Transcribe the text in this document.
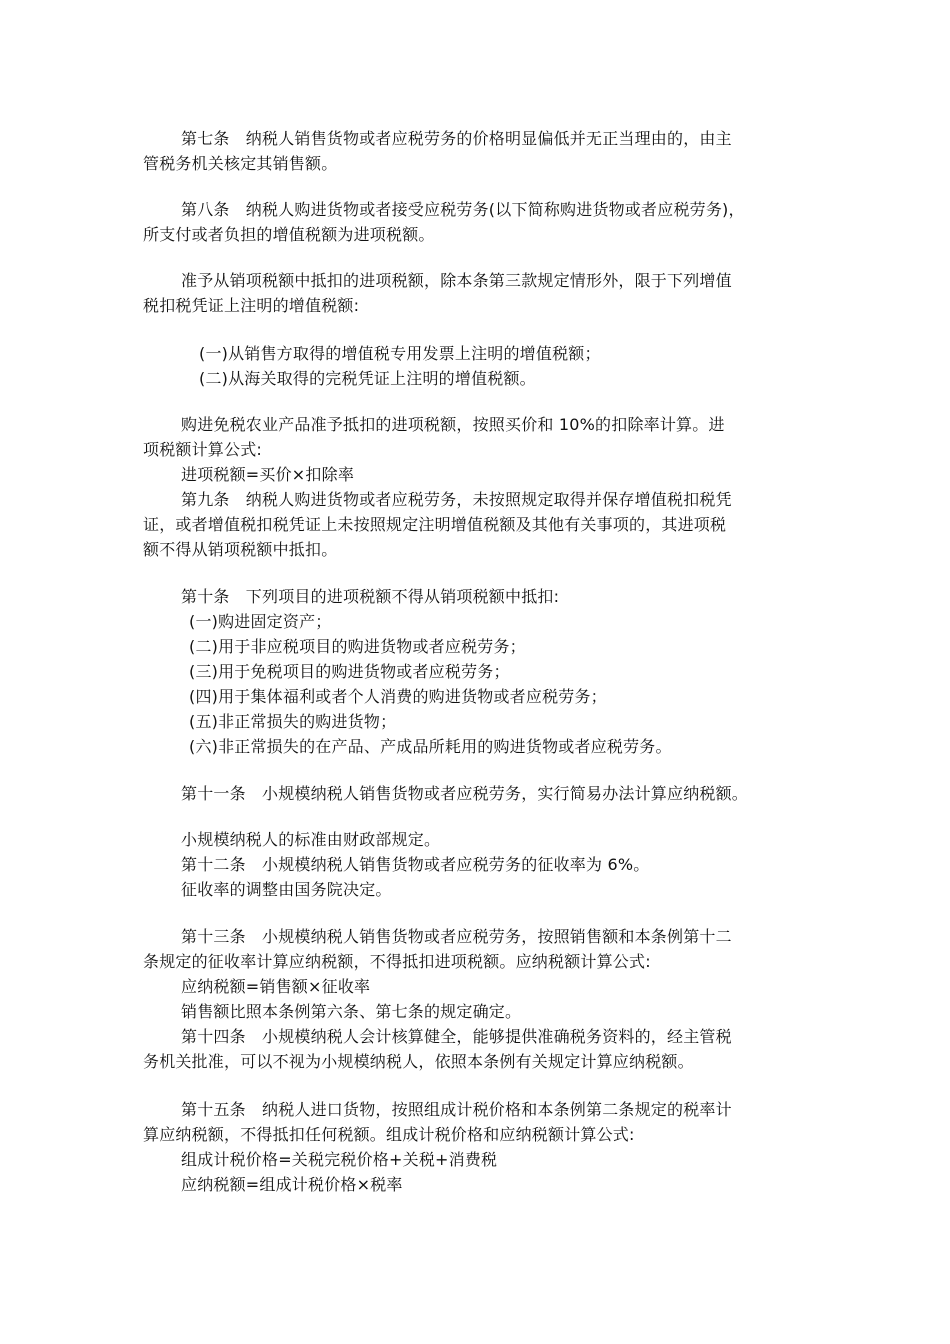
第七条　纳税人销售货物或者应税劳务的价格明显偏低并无正当理由的，由主
管税务机关核定其销售额。
第八条　纳税人购进货物或者接受应税劳务(以下简称购进货物或者应税劳务)，
所支付或者负担的增值税额为进项税额。
准予从销项税额中抵扣的进项税额，除本条第三款规定情形外，限于下列增值
税扣税凭证上注明的增值税额:
(一)从销售方取得的增值税专用发票上注明的增值税额；
(二)从海关取得的完税凭证上注明的增值税额。
购进免税农业产品准予抵扣的进项税额，按照买价和 10%的扣除率计算。进
项税额计算公式:
进项税额=买价×扣除率
第九条　纳税人购进货物或者应税劳务，未按照规定取得并保存增值税扣税凭
证，或者增值税扣税凭证上未按照规定注明增值税额及其他有关事项的，其进项税
额不得从销项税额中抵扣。
第十条　下列项目的进项税额不得从销项税额中抵扣:
(一)购进固定资产；
(二)用于非应税项目的购进货物或者应税劳务；
(三)用于免税项目的购进货物或者应税劳务；
(四)用于集体福利或者个人消费的购进货物或者应税劳务；
(五)非正常损失的购进货物；
(六)非正常损失的在产品、产成品所耗用的购进货物或者应税劳务。
第十一条　小规模纳税人销售货物或者应税劳务，实行简易办法计算应纳税额。
小规模纳税人的标准由财政部规定。
第十二条　小规模纳税人销售货物或者应税劳务的征收率为 6%。
征收率的调整由国务院决定。
第十三条　小规模纳税人销售货物或者应税劳务，按照销售额和本条例第十二
条规定的征收率计算应纳税额，不得抵扣进项税额。应纳税额计算公式:
应纳税额=销售额×征收率
销售额比照本条例第六条、第七条的规定确定。
第十四条　小规模纳税人会计核算健全，能够提供准确税务资料的，经主管税
务机关批准，可以不视为小规模纳税人，依照本条例有关规定计算应纳税额。
第十五条　纳税人进口货物，按照组成计税价格和本条例第二条规定的税率计
算应纳税额，不得抵扣任何税额。组成计税价格和应纳税额计算公式:
组成计税价格=关税完税价格+关税+消费税
应纳税额=组成计税价格×税率
